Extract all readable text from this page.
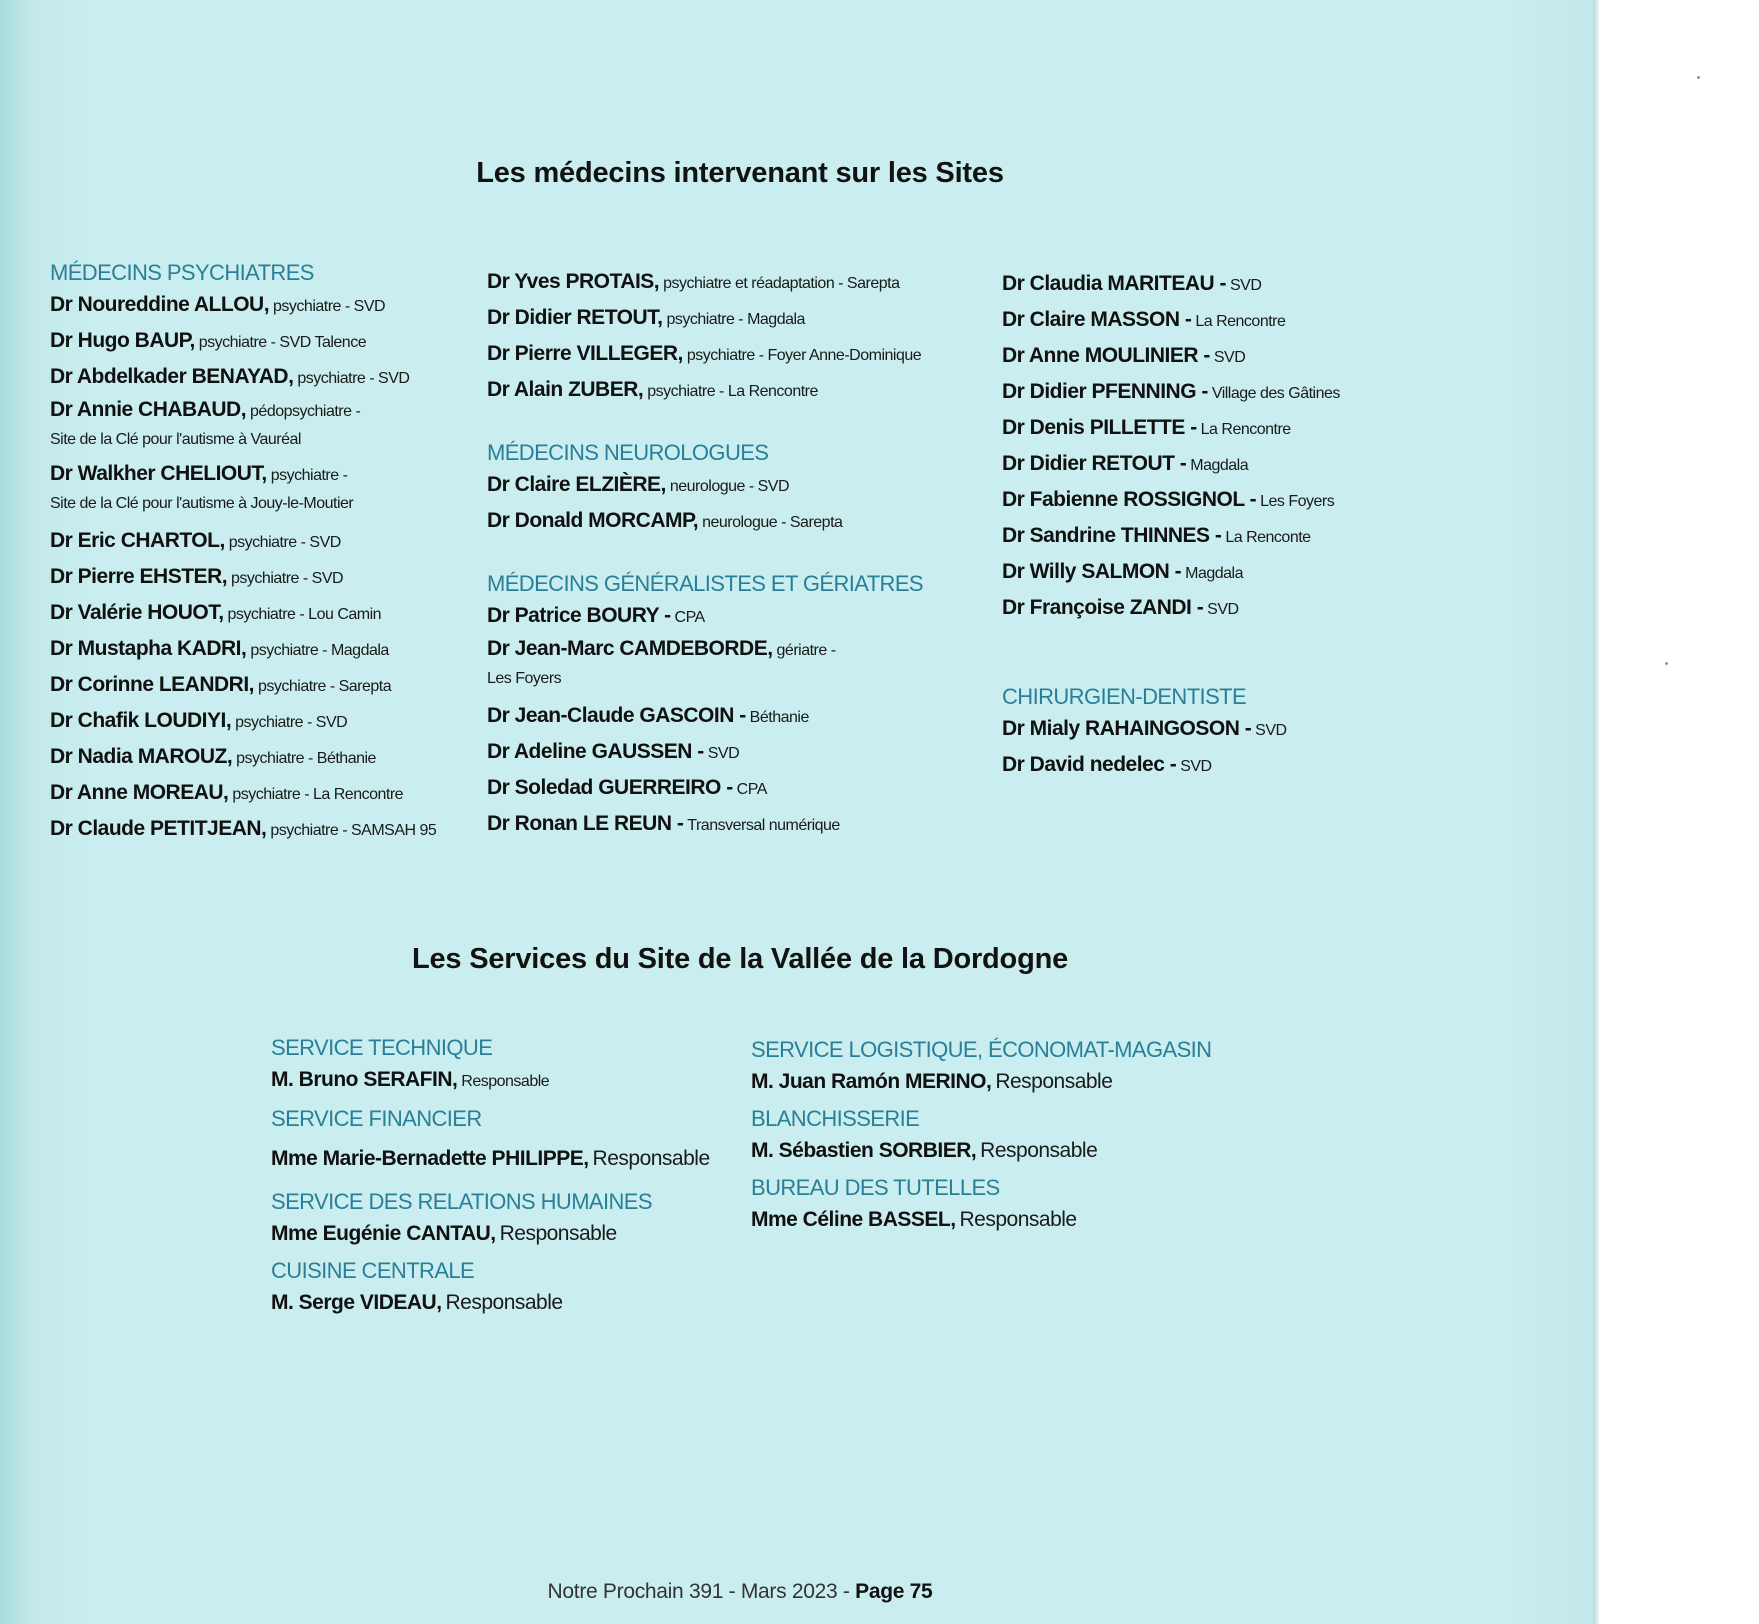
Les médecins intervenant sur les Sites
MÉDECINS PSYCHIATRES
Dr Noureddine ALLOU, psychiatre - SVD
Dr Hugo BAUP, psychiatre - SVD Talence
Dr Abdelkader BENAYAD, psychiatre - SVD
Dr Annie CHABAUD, pédopsychiatre -
Site de la Clé pour l'autisme à Vauréal
Dr Walkher CHELIOUT, psychiatre -
Site de la Clé pour l'autisme à Jouy-le-Moutier
Dr Eric CHARTOL, psychiatre - SVD
Dr Pierre EHSTER, psychiatre - SVD
Dr Valérie HOUOT, psychiatre - Lou Camin
Dr Mustapha KADRI, psychiatre - Magdala
Dr Corinne LEANDRI, psychiatre - Sarepta
Dr Chafik LOUDIYI, psychiatre - SVD
Dr Nadia MAROUZ, psychiatre - Béthanie
Dr Anne MOREAU, psychiatre - La Rencontre
Dr Claude PETITJEAN, psychiatre - SAMSAH 95
Dr Yves PROTAIS, psychiatre et réadaptation - Sarepta
Dr Didier RETOUT, psychiatre - Magdala
Dr Pierre VILLEGER, psychiatre - Foyer Anne-Dominique
Dr Alain ZUBER, psychiatre - La Rencontre
MÉDECINS NEUROLOGUES
Dr Claire ELZIÈRE, neurologue - SVD
Dr Donald MORCAMP, neurologue - Sarepta
MÉDECINS GÉNÉRALISTES ET GÉRIATRES
Dr Patrice BOURY - CPA
Dr Jean-Marc CAMDEBORDE, gériatre -
Les Foyers
Dr Jean-Claude GASCOIN - Béthanie
Dr Adeline GAUSSEN - SVD
Dr Soledad GUERREIRO - CPA
Dr Ronan LE REUN - Transversal numérique
Dr Claudia MARITEAU - SVD
Dr Claire MASSON - La Rencontre
Dr Anne MOULINIER - SVD
Dr Didier PFENNING - Village des Gâtines
Dr Denis PILLETTE - La Rencontre
Dr Didier RETOUT - Magdala
Dr Fabienne ROSSIGNOL - Les Foyers
Dr Sandrine THINNES - La Renconte
Dr Willy SALMON - Magdala
Dr Françoise ZANDI - SVD
CHIRURGIEN-DENTISTE
Dr Mialy RAHAINGOSON - SVD
Dr David nedelec - SVD
Les Services du Site de la Vallée de la Dordogne
SERVICE TECHNIQUE
M. Bruno SERAFIN, Responsable
SERVICE FINANCIER
Mme Marie-Bernadette PHILIPPE, Responsable
SERVICE DES RELATIONS HUMAINES
Mme Eugénie CANTAU, Responsable
CUISINE CENTRALE
M. Serge VIDEAU, Responsable
SERVICE LOGISTIQUE, ÉCONOMAT-MAGASIN
M. Juan Ramón MERINO, Responsable
BLANCHISSERIE
M. Sébastien SORBIER, Responsable
BUREAU DES TUTELLES
Mme Céline BASSEL, Responsable
Notre Prochain 391 - Mars 2023 - Page 75
